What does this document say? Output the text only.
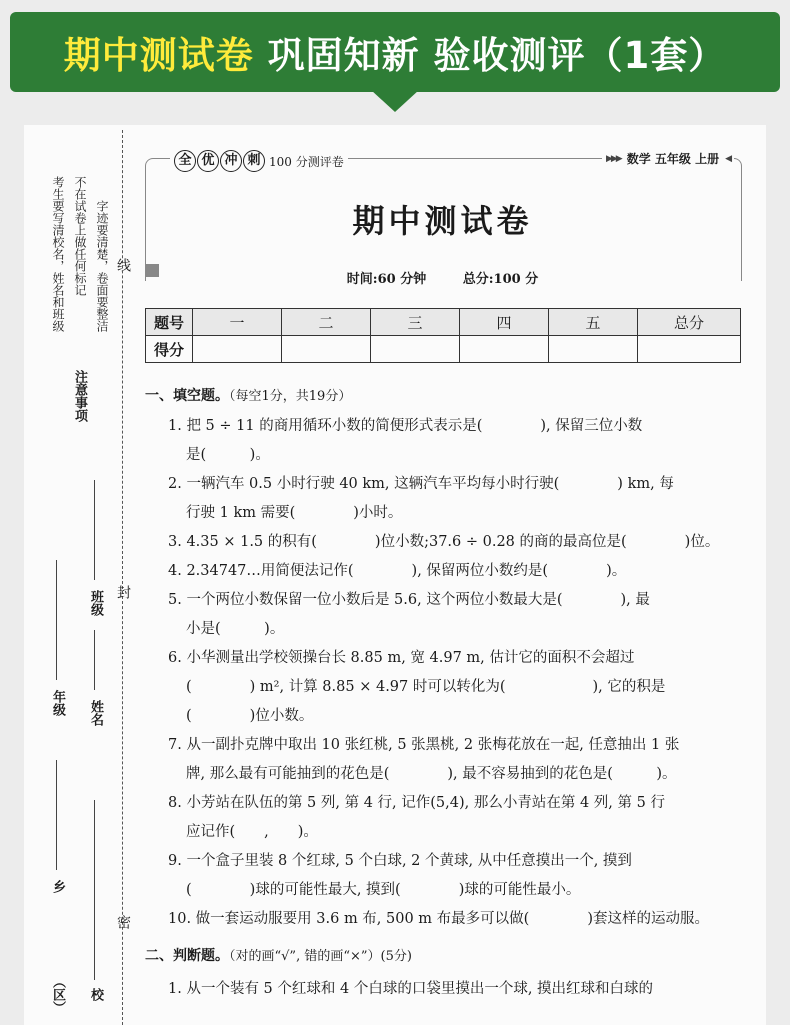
期中测试卷 巩固知新 验收测评（1套）
考生要写清校名，姓名和班级 不在试卷上做任何标记 字迹要清楚，卷面要整洁
注意事项
线
封
密
年级
乡
（区）
班级
姓名
校
全 优 冲 刺 100 分测评卷	▶▶▶ 数学 五年级 上册 ◀
期中测试卷
时间:60 分钟	总分:100 分
题号	一	二	三	四	五	总分
得分						
一、填空题。（每空1分，共19分）
1. 把 5 ÷ 11 的商用循环小数的简便形式表示是(　　　　), 保留三位小数
是(　　　)。
2. 一辆汽车 0.5 小时行驶 40 km, 这辆汽车平均每小时行驶(　　　　) km, 每
行驶 1 km 需要(　　　　)小时。
3. 4.35 × 1.5 的积有(　　　　)位小数;37.6 ÷ 0.28 的商的最高位是(　　　　)位。
4. 2.34747…用简便法记作(　　　　), 保留两位小数约是(　　　　)。
5. 一个两位小数保留一位小数后是 5.6, 这个两位小数最大是(　　　　), 最
小是(　　　)。
6. 小华测量出学校领操台长 8.85 m, 宽 4.97 m, 估计它的面积不会超过
(　　　　) m², 计算 8.85 × 4.97 时可以转化为(　　　　　　), 它的积是
(　　　　)位小数。
7. 从一副扑克牌中取出 10 张红桃, 5 张黑桃, 2 张梅花放在一起, 任意抽出 1 张
牌, 那么最有可能抽到的花色是(　　　　), 最不容易抽到的花色是(　　　)。
8. 小芳站在队伍的第 5 列, 第 4 行, 记作(5,4), 那么小青站在第 4 列, 第 5 行
应记作(　　,　　)。
9. 一个盒子里装 8 个红球, 5 个白球, 2 个黄球, 从中任意摸出一个, 摸到
(　　　　)球的可能性最大, 摸到(　　　　)球的可能性最小。
10. 做一套运动服要用 3.6 m 布, 500 m 布最多可以做(　　　　)套这样的运动服。
二、判断题。（对的画“√”, 错的画“×”）(5分)
1. 从一个装有 5 个红球和 4 个白球的口袋里摸出一个球, 摸出红球和白球的
